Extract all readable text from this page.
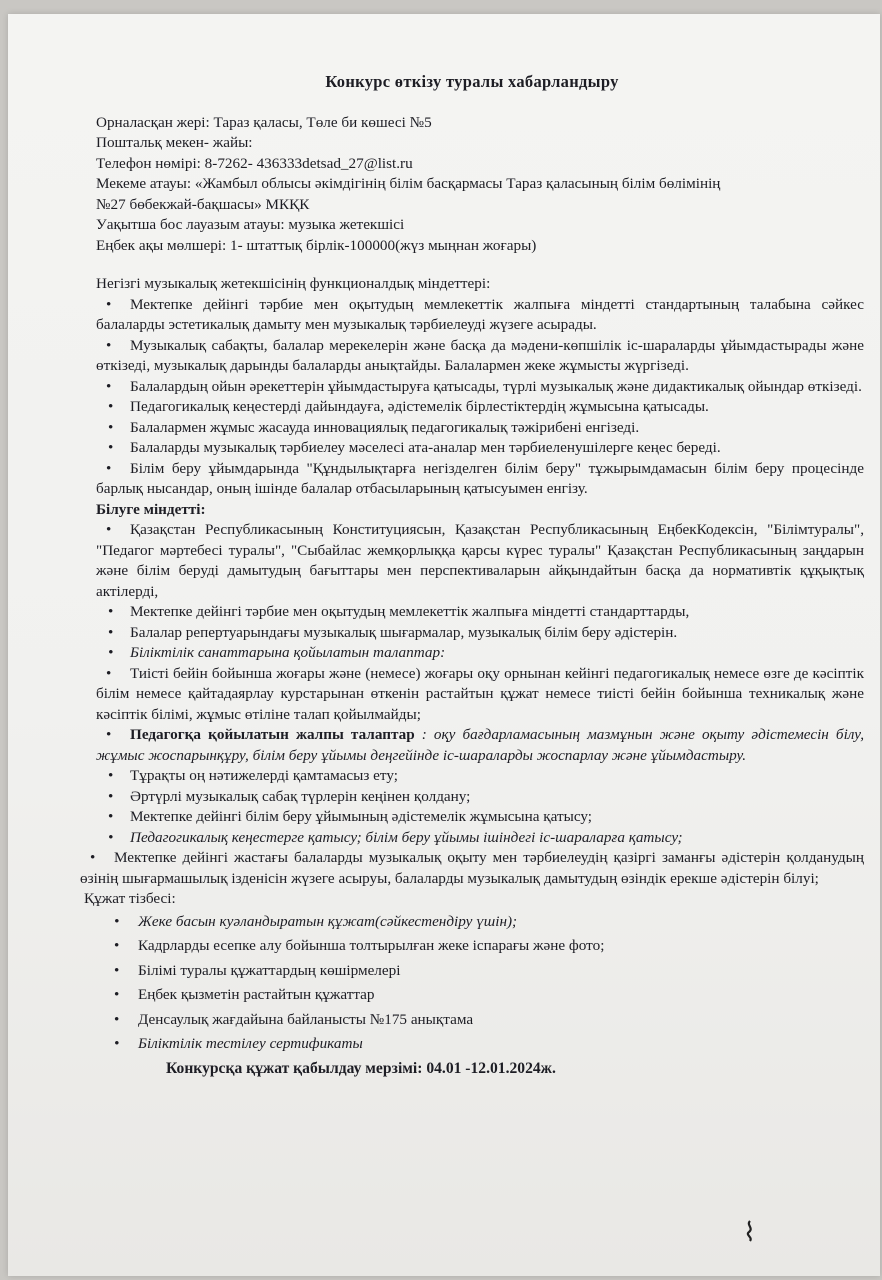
Конкурс өткізу туралы хабарландыру

Орналасқан жері: Тараз қаласы, Төле би көшесі №5

Поштальқ мекен- жайы:

Телефон нөмірі: 8-7262- 436333detsad_27@list.ru

Мекеме атауы: «Жамбыл облысы әкімдігінің білім басқармасы Тараз қаласының білім бөлімінің

№27 бөбекжай-бақшасы» МКҚК

Уақытша бос лауазым атауы: музыка жетекшісі

Еңбек ақы мөлшері: 1- штаттық бірлік-100000(жүз мыңнан жоғары)

Негізгі музыкалық жетекшісінің функционалдық міндеттері:

• Мектепке дейінгі тәрбие мен оқытудың мемлекеттік жалпыға міндетті стандартының талабына сәйкес балаларды эстетикалық дамыту мен музыкалық тәрбиелеуді жүзеге асырады.

• Музыкалық сабақты, балалар мерекелерін және басқа да мәдени-көпшілік іс-шараларды ұйымдастырады және өткізеді, музыкалық дарынды балаларды анықтайды. Балалармен жеке жұмысты жүргізеді.

• Балалардың ойын әрекеттерін ұйымдастыруға қатысады, түрлі музыкалық және дидактикалық ойындар өткізеді.

• Педагогикалық кеңестерді дайындауға, әдістемелік бірлестіктердің жұмысына қатысады.

• Балалармен жұмыс жасауда инновациялық педагогикалық тәжірибені енгізеді.

• Балаларды музыкалық тәрбиелеу мәселесі ата-аналар мен тәрбиеленушілерге кеңес береді.

• Білім беру ұйымдарында "Құндылықтарға негізделген білім беру" тұжырымдамасын білім беру процесінде барлық нысандар, оның ішінде балалар отбасыларының қатысуымен енгізу.

Білуге міндетті:

• Қазақстан Республикасының Конституциясын, Қазақстан Республикасының ЕңбекКодексін, "Білімтуралы", "Педагог мәртебесі туралы", "Сыбайлас жемқорлыққа қарсы күрес туралы" Қазақстан Республикасының заңдарын және білім беруді дамытудың бағыттары мен перспективаларын айқындайтын басқа да нормативтік құқықтық актілерді,

• Мектепке дейінгі тәрбие мен оқытудың мемлекеттік жалпыға міндетті стандарттарды,

• Балалар репертуарындағы музыкалық шығармалар, музыкалық білім беру әдістерін.

• Біліктілік санаттарына қойылатын талаптар:

• Тиісті бейін бойынша жоғары және (немесе) жоғары оқу орнынан кейінгі педагогикалық немесе өзге де кәсіптік білім немесе қайтадаярлау курстарынан өткенін растайтын құжат немесе тиісті бейін бойынша техникалық және кәсіптік білімі, жұмыс өтіліне талап қойылмайды;

• Педагогқа қойылатын жалпы талаптар : оқу бағдарламасының мазмұнын және оқыту әдістемесін білу, жұмыс жоспарынқұру, білім беру ұйымы деңгейінде іс-шараларды жоспарлау және ұйымдастыру.

• Тұрақты оң нәтижелерді қамтамасыз ету;

• Әртүрлі музыкалық сабақ түрлерін кеңінен қолдану;

• Мектепке дейінгі білім беру ұйымының әдістемелік жұмысына қатысу;

• Педагогикалық кеңестерге қатысу; білім беру ұйымы ішіндегі іс-шараларға қатысу;

• Мектепке дейінгі жастағы балаларды музыкалық оқыту мен тәрбиелеудің қазіргі заманғы әдістерін қолданудың өзінің шығармашылық ізденісін жүзеге асыруы, балаларды музыкалық дамытудың өзіндік ерекше әдістерін білуі;

Құжат тізбесі:

• Жеке басын куәландыратын құжат(сәйкестендіру үшін);

• Кадрларды есепке алу бойынша толтырылған жеке іспарағы және фото;

• Білімі туралы құжаттардың көшірмелері

• Еңбек қызметін растайтын құжаттар

• Денсаулық жағдайына байланысты №175 анықтама

• Біліктілік тестілеу сертификаты

Конкурсқа құжат қабылдау мерзімі: 04.01 -12.01.2024ж.
